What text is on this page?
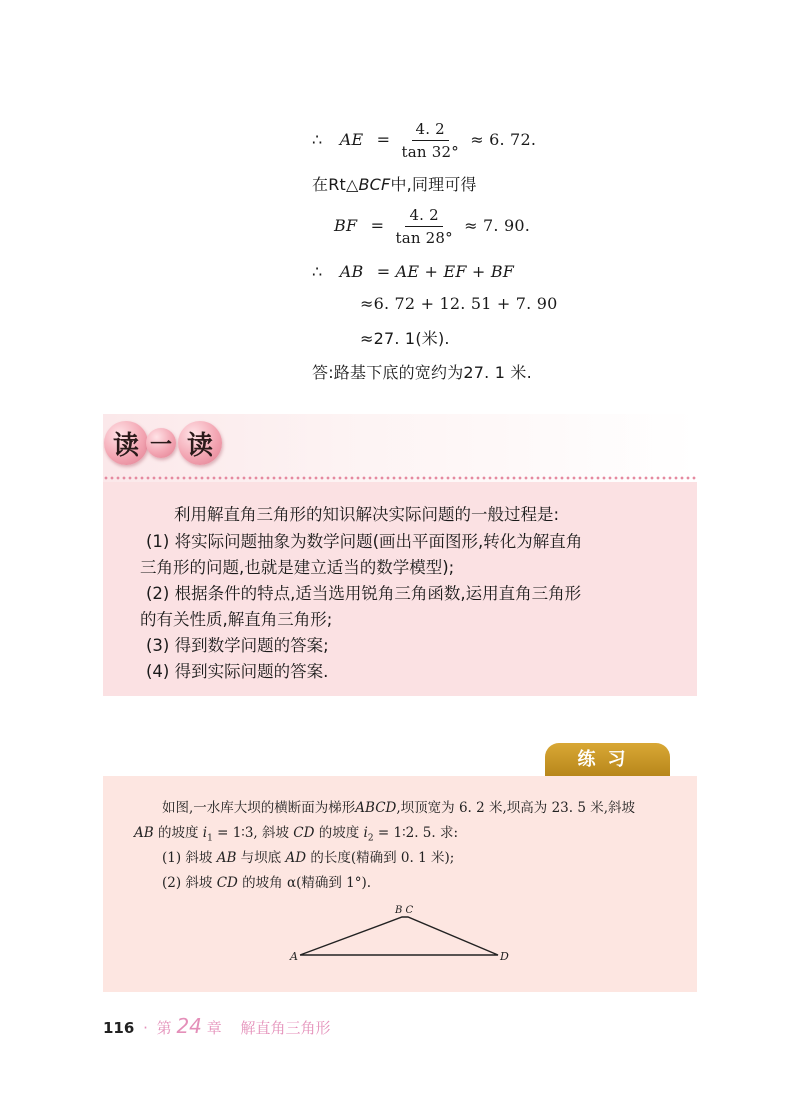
∴ AE = $\frac{4. 2}{\tan 32^\circ} \approx 6$. 72.
在Rt△BCF中,同理可得
BF = $\frac{4. 2}{\tan 28^\circ} \approx 7$. 90.
∴ AB = AE + EF + BF
≈6. 72 + 12. 51 + 7. 90
≈27. 1(米).
答:路基下底的宽约为27. 1 米.
读 一 读
利用解直角三角形的知识解决实际问题的一般过程是:
(1) 将实际问题抽象为数学问题(画出平面图形,转化为解直角
三角形的问题,也就是建立适当的数学模型);
(2) 根据条件的特点,适当选用锐角三角函数,运用直角三角形
的有关性质,解直角三角形;
(3) 得到数学问题的答案;
(4) 得到实际问题的答案.
练习
如图,一水库大坝的横断面为梯形ABCD,坝顶宽为 6. 2 米,坝高为 23. 5 米,斜坡
AB 的坡度 $i_1$ = 1∶3, 斜坡 CD 的坡度 $i_2$ = 1∶2. 5. 求:
(1) 斜坡 AB 与坝底 AD 的长度(精确到 0. 1 米);
(2) 斜坡 CD 的坡角 α(精确到 1°).
A
B C
D
116 · 第 24 章 解直角三角形
